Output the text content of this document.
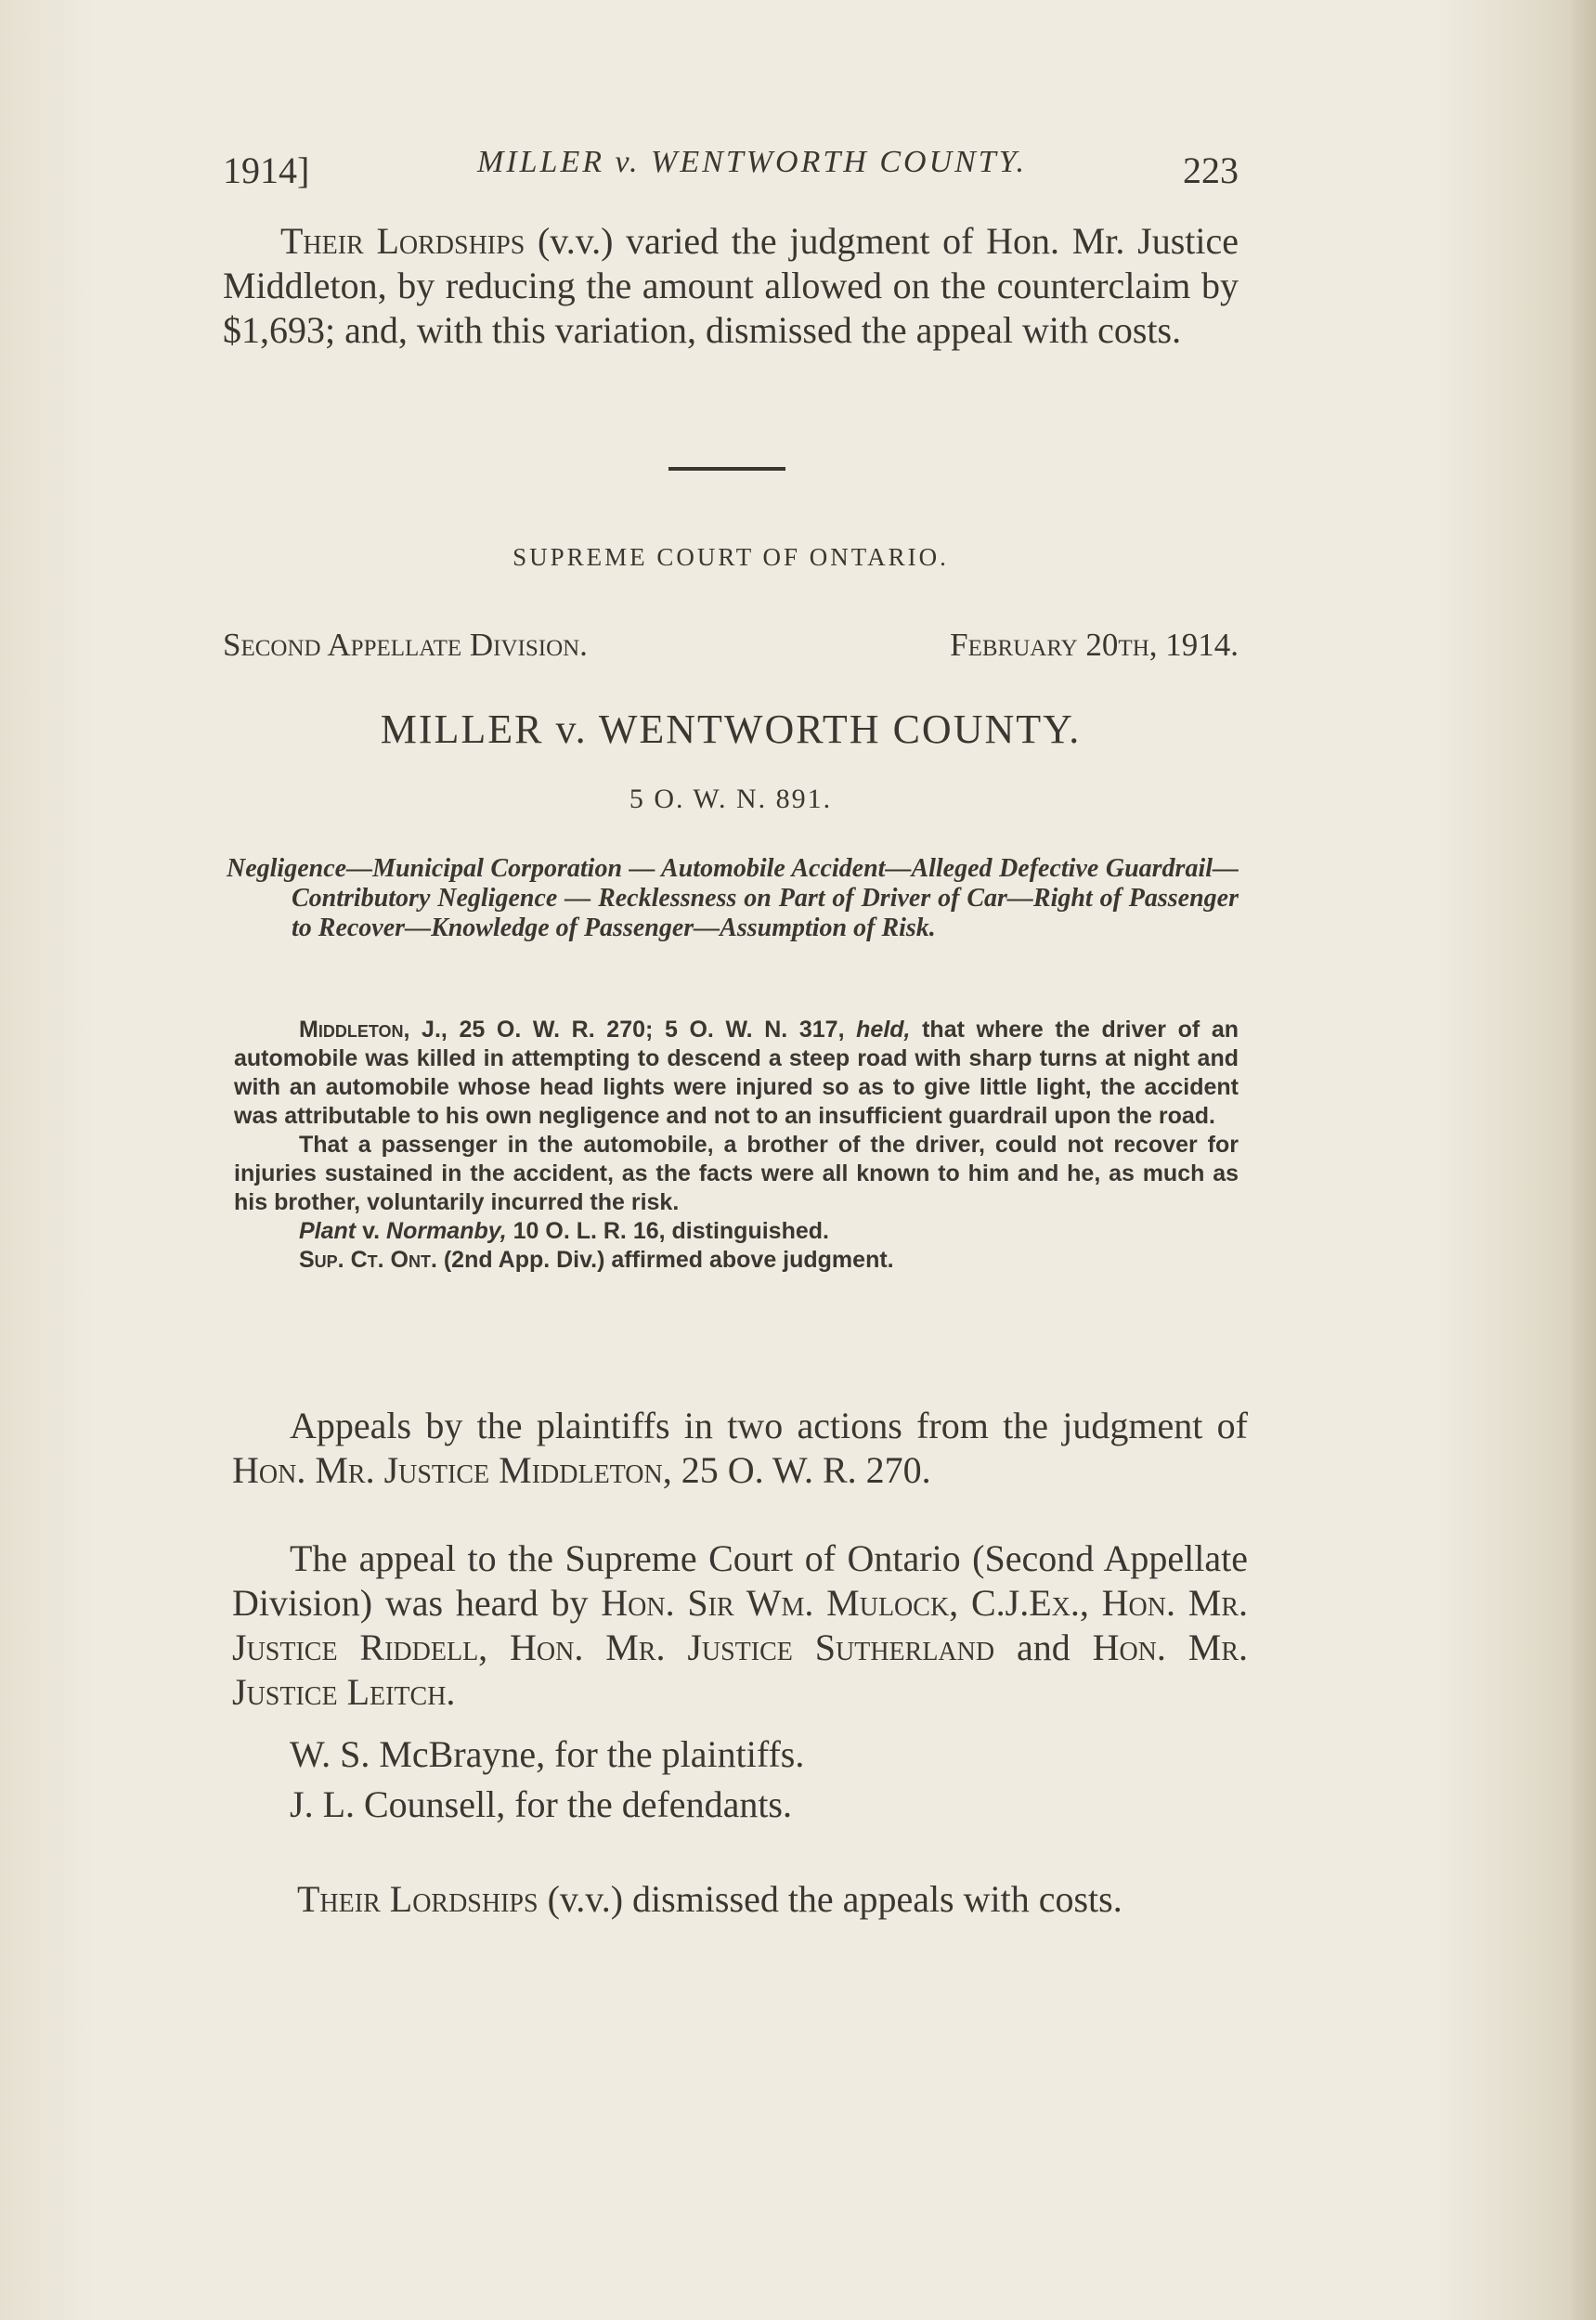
1914]	MILLER v. WENTWORTH COUNTY.	223
Their Lordships (v.v.) varied the judgment of Hon. Mr. Justice Middleton, by reducing the amount allowed on the counterclaim by $1,693; and, with this variation, dismissed the appeal with costs.
SUPREME COURT OF ONTARIO.
Second Appellate Division.	February 20th, 1914.
MILLER v. WENTWORTH COUNTY.
5 O. W. N. 891.
Negligence—Municipal Corporation — Automobile Accident—Alleged Defective Guardrail—Contributory Negligence — Recklessness on Part of Driver of Car—Right of Passenger to Recover—Knowledge of Passenger—Assumption of Risk.

Middleton, J., 25 O. W. R. 270; 5 O. W. N. 317, held, that where the driver of an automobile was killed in attempting to descend a steep road with sharp turns at night and with an automobile whose head lights were injured so as to give little light, the accident was attributable to his own negligence and not to an insufficient guardrail upon the road.

That a passenger in the automobile, a brother of the driver, could not recover for injuries sustained in the accident, as the facts were all known to him and he, as much as his brother, voluntarily incurred the risk.

Plant v. Normanby, 10 O. L. R. 16, distinguished.

Sup. Ct. Ont. (2nd App. Div.) affirmed above judgment.

Appeals by the plaintiffs in two actions from the judgment of Hon. Mr. Justice Middleton, 25 O. W. R. 270.
The appeal to the Supreme Court of Ontario (Second Appellate Division) was heard by Hon. Sir Wm. Mulock, C.J.Ex., Hon. Mr. Justice Riddell, Hon. Mr. Justice Sutherland and Hon. Mr. Justice Leitch.
W. S. McBrayne, for the plaintiffs.
J. L. Counsell, for the defendants.
Their Lordships (v.v.) dismissed the appeals with costs.
